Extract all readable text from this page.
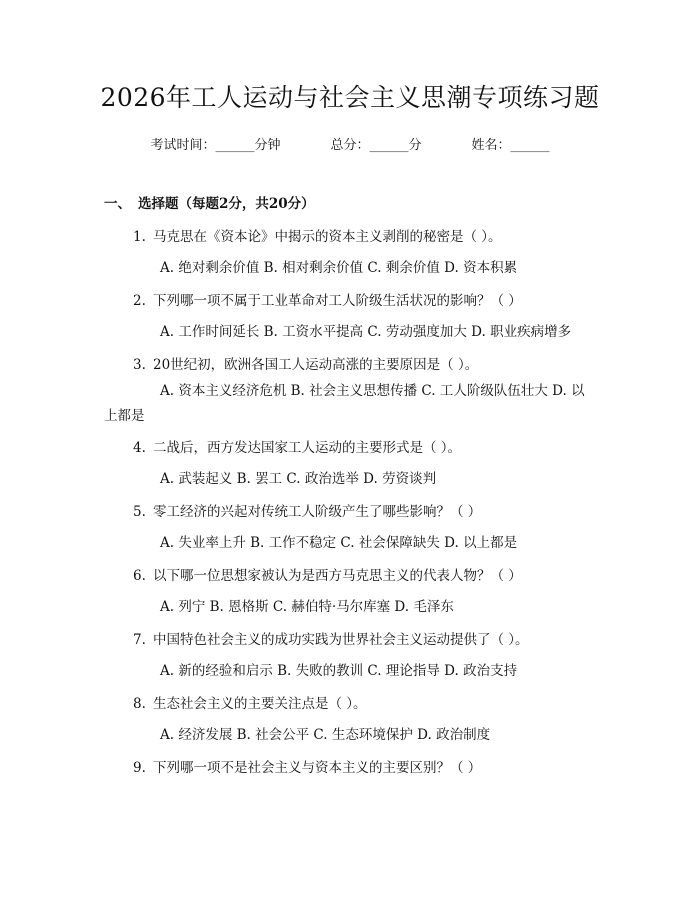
2026年工人运动与社会主义思潮专项练习题
考试时间：______分钟	总分：______分	姓名：______
一、 选择题（每题2分，共20分）
1. 马克思在《资本论》中揭示的资本主义剥削的秘密是（ ）。
A. 绝对剩余价值 B. 相对剩余价值 C. 剩余价值 D. 资本积累
2. 下列哪一项不属于工业革命对工人阶级生活状况的影响？（ ）
A. 工作时间延长 B. 工资水平提高 C. 劳动强度加大 D. 职业疾病增多
3. 20世纪初，欧洲各国工人运动高涨的主要原因是（ ）。
A. 资本主义经济危机 B. 社会主义思想传播 C. 工人阶级队伍壮大 D. 以上都是
4. 二战后，西方发达国家工人运动的主要形式是（ ）。
A. 武装起义 B. 罢工 C. 政治选举 D. 劳资谈判
5. 零工经济的兴起对传统工人阶级产生了哪些影响？（ ）
A. 失业率上升 B. 工作不稳定 C. 社会保障缺失 D. 以上都是
6. 以下哪一位思想家被认为是西方马克思主义的代表人物？（ ）
A. 列宁 B. 恩格斯 C. 赫伯特·马尔库塞 D. 毛泽东
7. 中国特色社会主义的成功实践为世界社会主义运动提供了（ ）。
A. 新的经验和启示 B. 失败的教训 C. 理论指导 D. 政治支持
8. 生态社会主义的主要关注点是（ ）。
A. 经济发展 B. 社会公平 C. 生态环境保护 D. 政治制度
9. 下列哪一项不是社会主义与资本主义的主要区别？（ ）
